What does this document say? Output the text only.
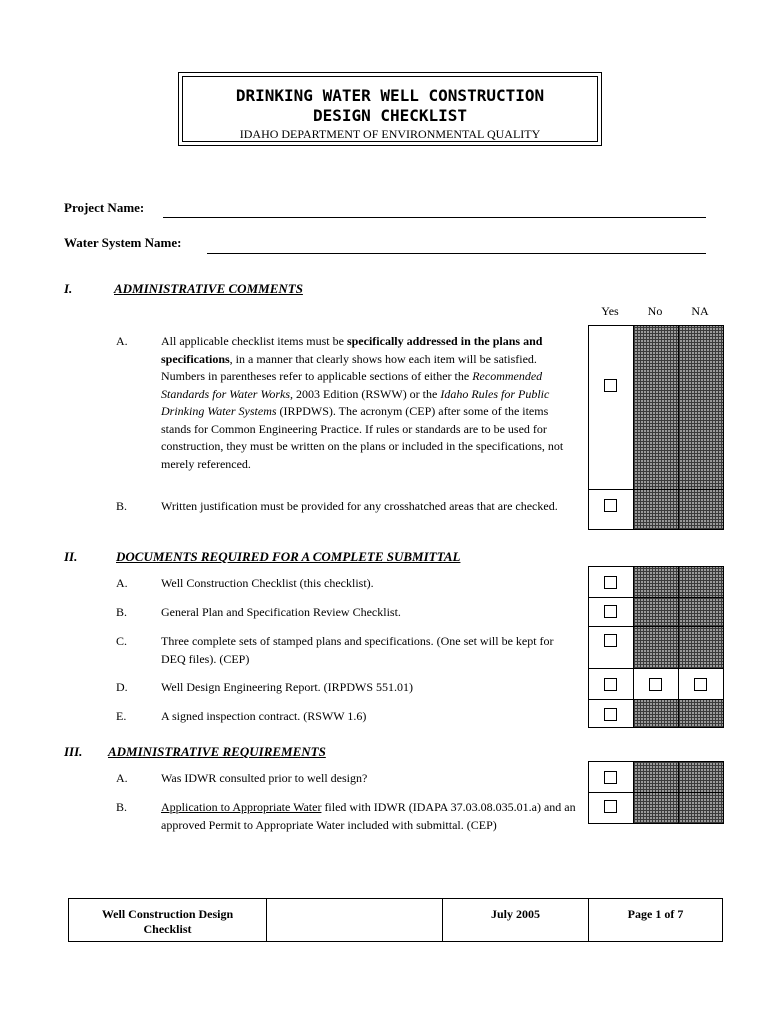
DRINKING WATER WELL CONSTRUCTION
DESIGN CHECKLIST
IDAHO DEPARTMENT OF ENVIRONMENTAL QUALITY
Project Name:
Water System Name:
I.	ADMINISTRATIVE COMMENTS
Yes	No	NA
A.	All applicable checklist items must be specifically addressed in the plans and specifications, in a manner that clearly shows how each item will be satisfied. Numbers in parentheses refer to applicable sections of either the Recommended Standards for Water Works, 2003 Edition (RSWW) or the Idaho Rules for Public Drinking Water Systems (IRPDWS). The acronym (CEP) after some of the items stands for Common Engineering Practice. If rules or standards are to be used for construction, they must be written on the plans or included in the specifications, not merely referenced.
B.	Written justification must be provided for any crosshatched areas that are checked.
II.	DOCUMENTS REQUIRED FOR A COMPLETE SUBMITTAL
A.	Well Construction Checklist (this checklist).
B.	General Plan and Specification Review Checklist.
C.	Three complete sets of stamped plans and specifications. (One set will be kept for DEQ files). (CEP)
D.	Well Design Engineering Report. (IRPDWS 551.01)
E.	A signed inspection contract. (RSWW 1.6)
III. ADMINISTRATIVE REQUIREMENTS
A.	Was IDWR consulted prior to well design?
B.	Application to Appropriate Water filed with IDWR (IDAPA 37.03.08.035.01.a) and an approved Permit to Appropriate Water included with submittal. (CEP)
Well Construction Design Checklist
July 2005	Page 1 of 7
